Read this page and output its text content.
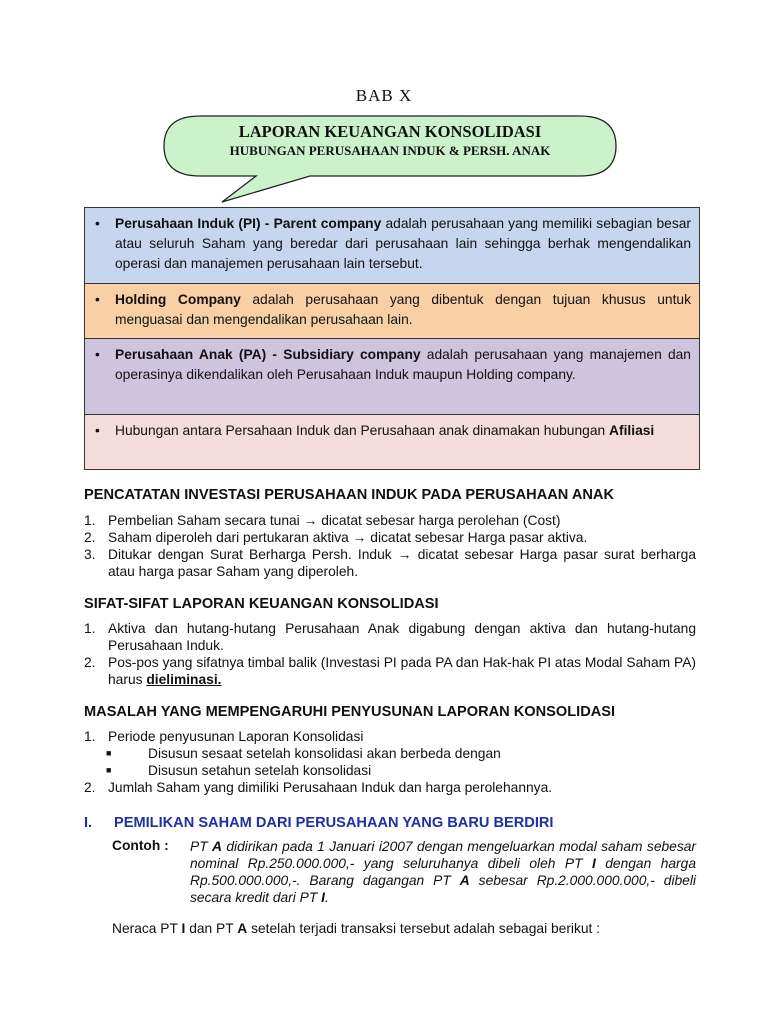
BAB X
LAPORAN KEUANGAN KONSOLIDASI
HUBUNGAN PERUSAHAAN INDUK & PERSH. ANAK
• Perusahaan Induk (PI) - Parent company adalah perusahaan yang memiliki sebagian besar atau seluruh Saham yang beredar dari perusahaan lain sehingga berhak mengendalikan operasi dan manajemen perusahaan lain tersebut.
• Holding Company adalah perusahaan yang dibentuk dengan tujuan khusus untuk menguasai dan mengendalikan perusahaan lain.
• Perusahaan Anak (PA) - Subsidiary company adalah perusahaan yang manajemen dan operasinya dikendalikan oleh Perusahaan Induk maupun Holding company.
• Hubungan antara Persahaan Induk dan Perusahaan anak dinamakan hubungan Afiliasi
PENCATATAN INVESTASI PERUSAHAAN INDUK PADA PERUSAHAAN ANAK
1. Pembelian Saham secara tunai → dicatat sebesar harga perolehan (Cost)
2. Saham diperoleh dari pertukaran aktiva → dicatat sebesar Harga pasar aktiva.
3. Ditukar dengan Surat Berharga Persh. Induk → dicatat sebesar Harga pasar surat berharga atau harga pasar Saham yang diperoleh.
SIFAT-SIFAT LAPORAN KEUANGAN KONSOLIDASI
1. Aktiva dan hutang-hutang Perusahaan Anak digabung dengan aktiva dan hutang-hutang Perusahaan Induk.
2. Pos-pos yang sifatnya timbal balik (Investasi PI pada PA dan Hak-hak PI atas Modal Saham PA) harus dieliminasi.
MASALAH YANG MEMPENGARUHI PENYUSUNAN LAPORAN KONSOLIDASI
1. Periode penyusunan Laporan Konsolidasi
■	Disusun sesaat setelah konsolidasi akan berbeda dengan
■	Disusun setahun setelah konsolidasi
2. Jumlah Saham yang dimiliki Perusahaan Induk dan harga perolehannya.
I. PEMILIKAN SAHAM DARI PERUSAHAAN YANG BARU BERDIRI
Contoh : PT A didirikan pada 1 Januari i2007 dengan mengeluarkan modal saham sebesar nominal Rp.250.000.000,- yang seluruhanya dibeli oleh PT I dengan harga Rp.500.000.000,-. Barang dagangan PT A sebesar Rp.2.000.000.000,- dibeli secara kredit dari PT I.
Neraca PT I dan PT A setelah terjadi transaksi tersebut adalah sebagai berikut :
